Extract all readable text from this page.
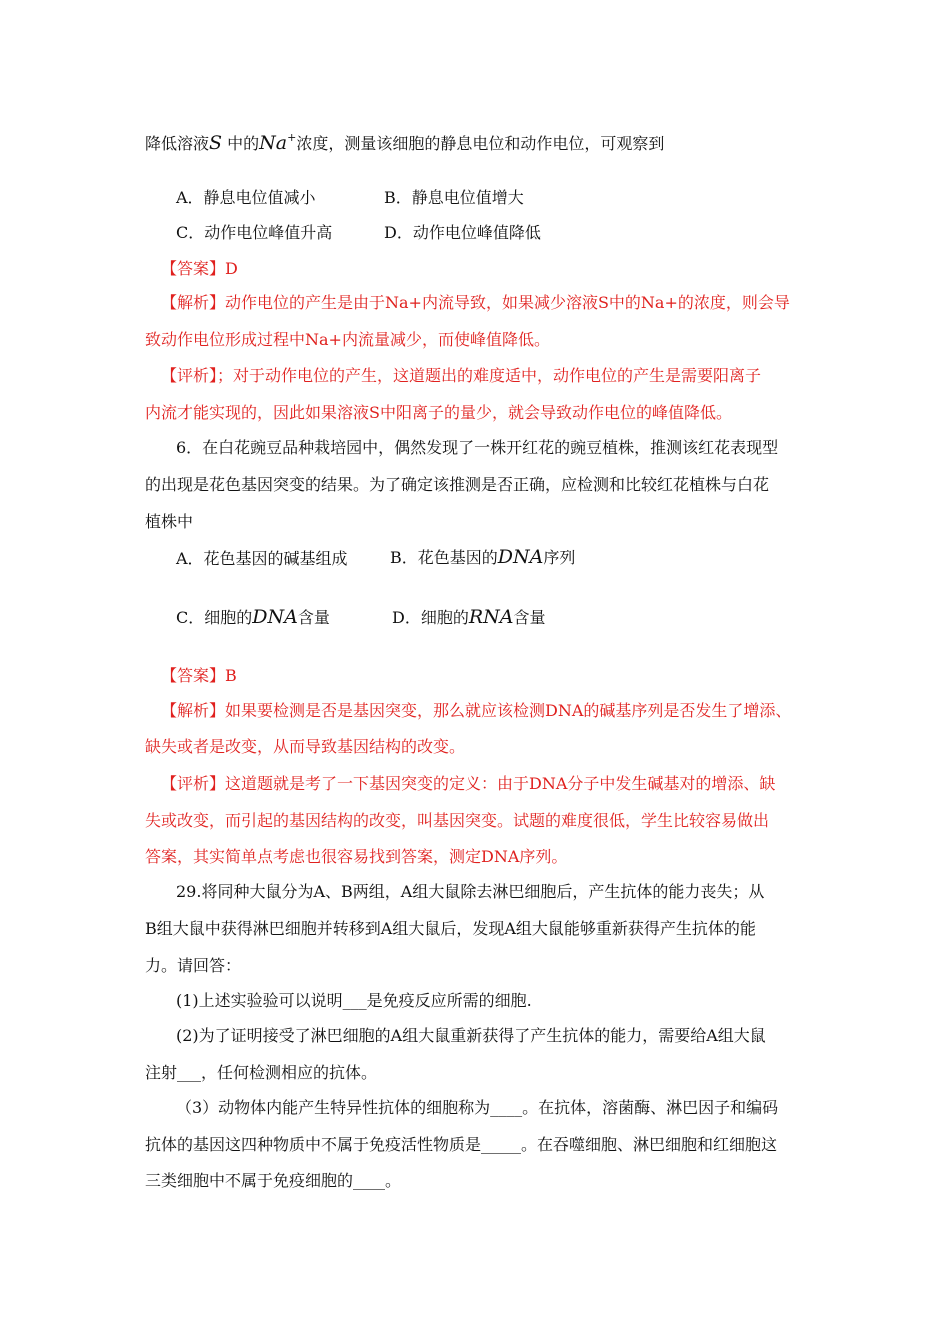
降低溶液S 中的Na+浓度，测量该细胞的静息电位和动作电位，可观察到
A．静息电位值减小	B．静息电位值增大
C．动作电位峰值升高	D．动作电位峰值降低
【答案】D
【解析】动作电位的产生是由于Na+内流导致，如果减少溶液S中的Na+的浓度，则会导
致动作电位形成过程中Na+内流量减少，而使峰值降低。
【评析】；对于动作电位的产生，这道题出的难度适中，动作电位的产生是需要阳离子
内流才能实现的，因此如果溶液S中阳离子的量少，就会导致动作电位的峰值降低。
6．在白花豌豆品种栽培园中，偶然发现了一株开红花的豌豆植株，推测该红花表现型
的出现是花色基因突变的结果。为了确定该推测是否正确，应检测和比较红花植株与白花
植株中
A．花色基因的碱基组成	B．花色基因的DNA序列
C．细胞的DNA含量	D．细胞的RNA含量
【答案】B
【解析】如果要检测是否是基因突变，那么就应该检测DNA的碱基序列是否发生了增添、
缺失或者是改变，从而导致基因结构的改变。
【评析】这道题就是考了一下基因突变的定义：由于DNA分子中发生碱基对的增添、缺
失或改变，而引起的基因结构的改变，叫基因突变。试题的难度很低，学生比较容易做出
答案，其实简单点考虑也很容易找到答案，测定DNA序列。
29.将同种大鼠分为A、B两组，A组大鼠除去淋巴细胞后，产生抗体的能力丧失；从
B组大鼠中获得淋巴细胞并转移到A组大鼠后，发现A组大鼠能够重新获得产生抗体的能
力。请回答：
(1)上述实验验可以说明___是免疫反应所需的细胞.
(2)为了证明接受了淋巴细胞的A组大鼠重新获得了产生抗体的能力，需要给A组大鼠
注射___，任何检测相应的抗体。
（3）动物体内能产生特异性抗体的细胞称为____。在抗体，溶菌酶、淋巴因子和编码
抗体的基因这四种物质中不属于免疫活性物质是_____。在吞噬细胞、淋巴细胞和红细胞这
三类细胞中不属于免疫细胞的____。
